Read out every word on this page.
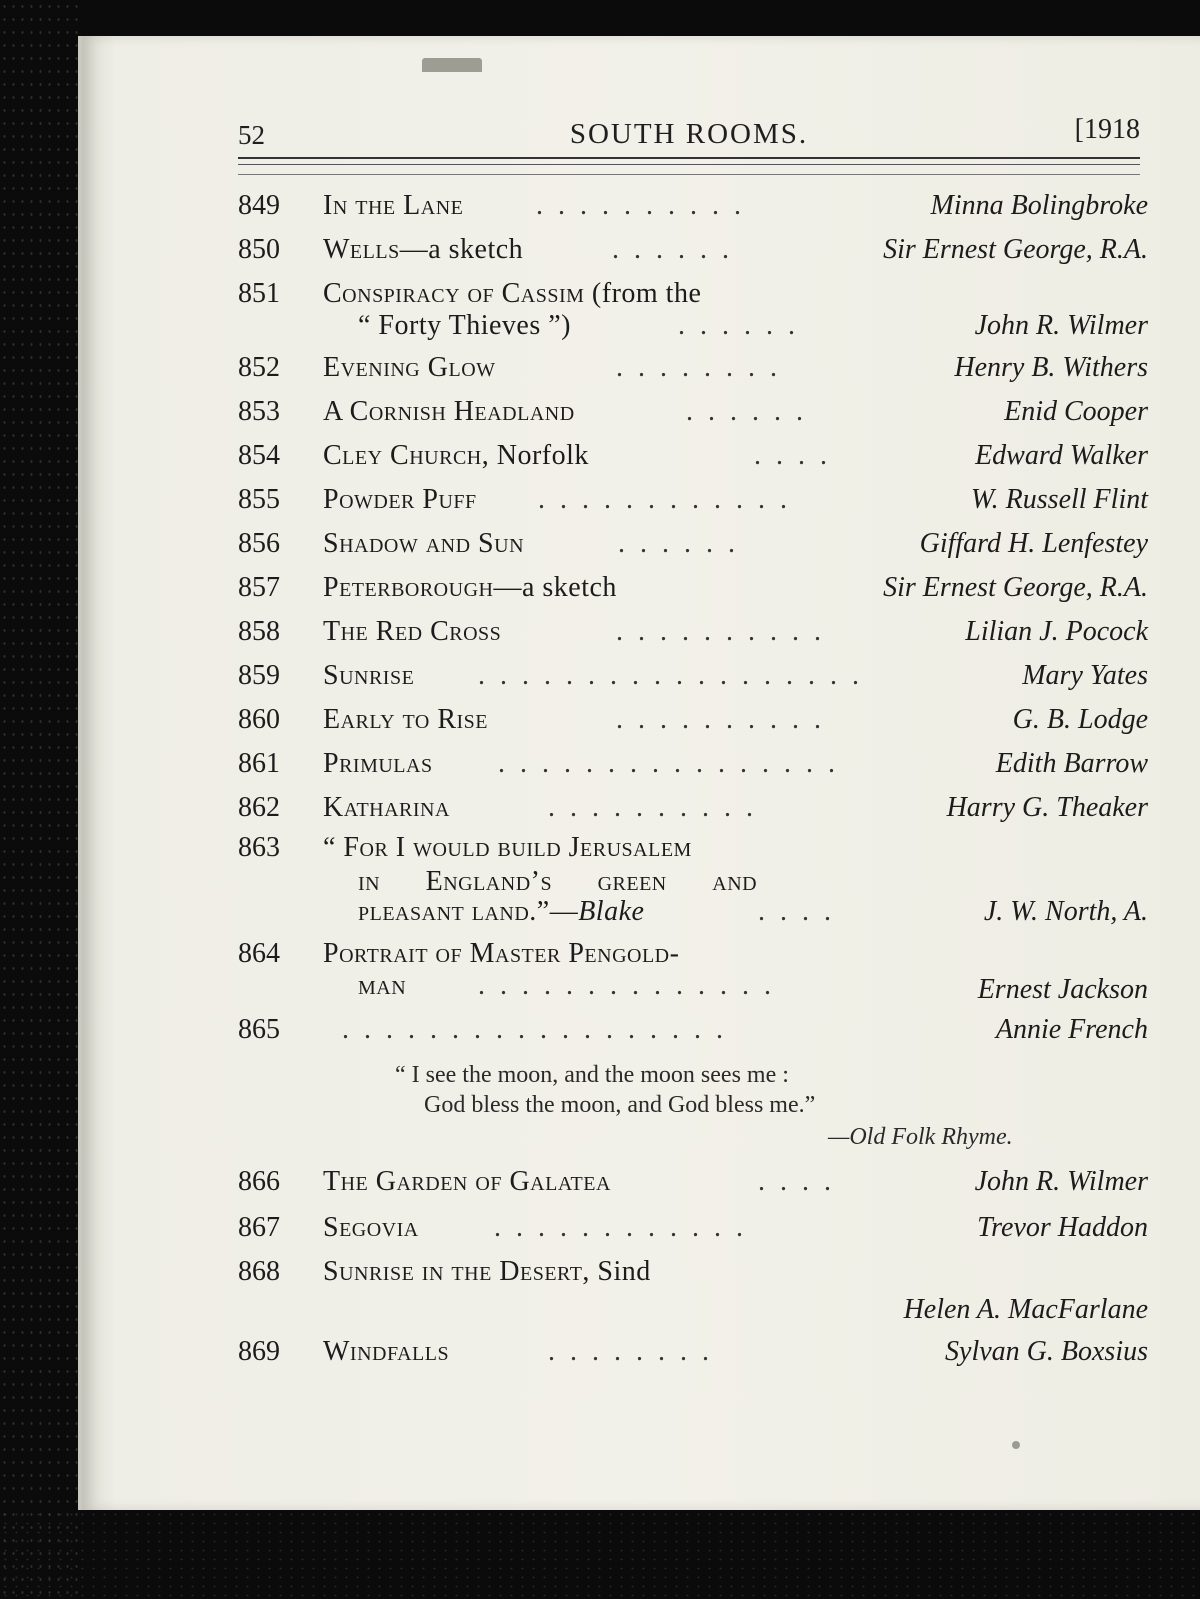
52	SOUTH ROOMS.	[1918
849 In the Lane	. . . . . . . . . .	Minna Bolingbroke
850 Wells—a sketch	. . . . . .	Sir Ernest George, R.A.
851 Conspiracy of Cassim (from the
“ Forty Thieves ”)	. . . . . .	John R. Wilmer
852 Evening Glow	. . . . . . . .	Henry B. Withers
853 A Cornish Headland	. . . . . .	Enid Cooper
854 Cley Church, Norfolk	. . . .	Edward Walker
855 Powder Puff . . . . . . . . . . . .	W. Russell Flint
856 Shadow and Sun	. . . . . .	Giffard H. Lenfestey
857 Peterborough—a sketch	Sir Ernest George, R.A.
858 The Red Cross	. . . . . . . . . .	Lilian J. Pocock
859 Sunrise . . . . . . . . . . . . . . . . . .	Mary Yates
860 Early to Rise	. . . . . . . . . .	G. B. Lodge
861 Primulas . . . . . . . . . . . . . . . .	Edith Barrow
862 Katharina	. . . . . . . . . .	Harry G. Theaker
863 “ For I would build Jerusalem
in England’s green and
pleasant land.”—Blake	. . . .	J. W. North, A.
864 Portrait of Master Pengold-
man	. . . . . . . . . . . . . .	Ernest Jackson
865 . . . . . . . . . . . . . . . . . .	Annie French
“ I see the moon, and the moon sees me :
God bless the moon, and God bless me.”
—Old Folk Rhyme.
866 The Garden of Galatea	. . . .	John R. Wilmer
867 Segovia	. . . . . . . . . . . .	Trevor Haddon
868 Sunrise in the Desert, Sind
Helen A. MacFarlane
869 Windfalls	. . . . . . . .	Sylvan G. Boxsius
